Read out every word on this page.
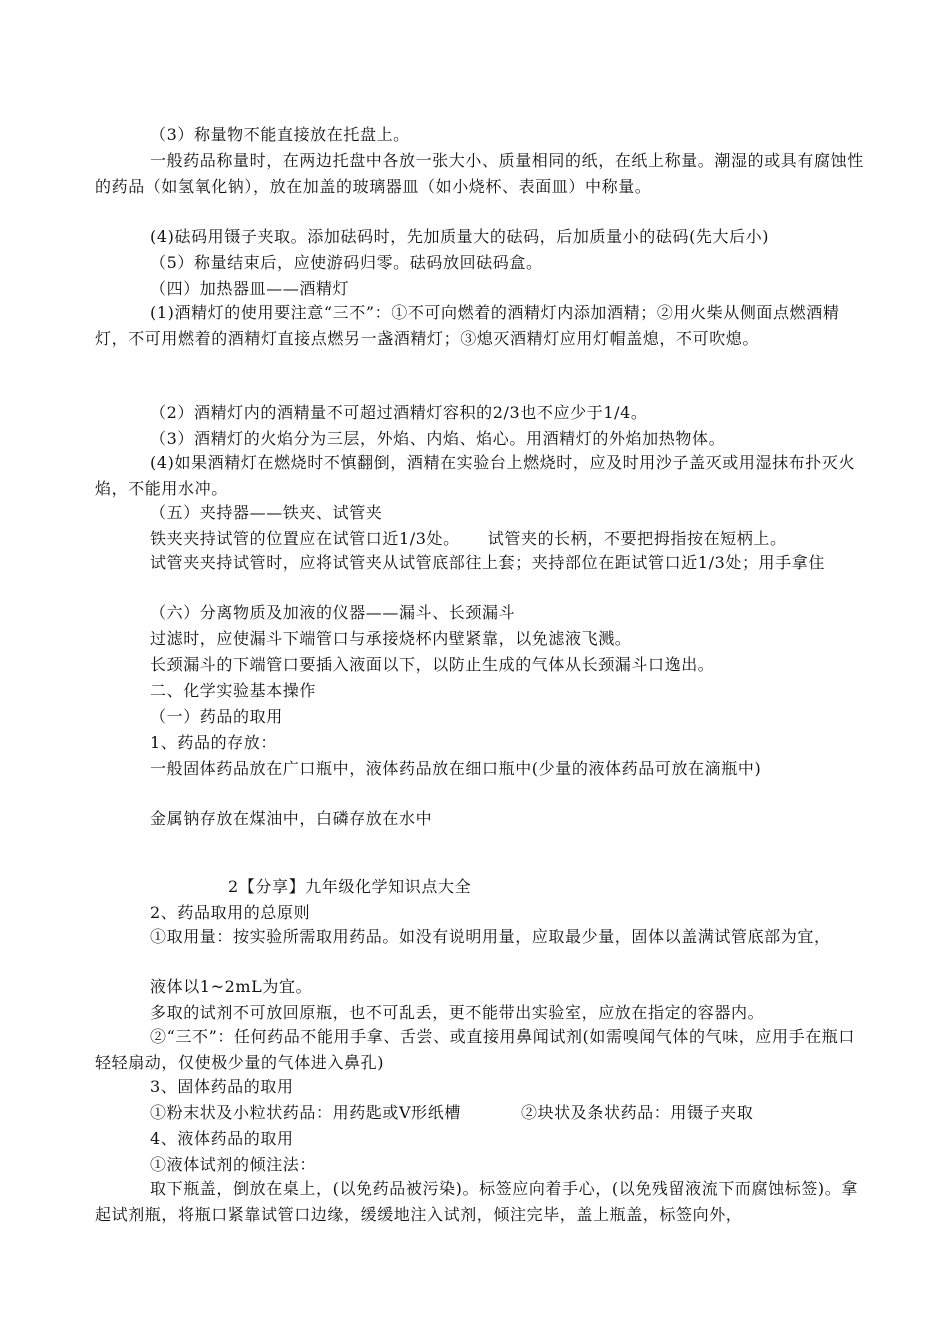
（3）称量物不能直接放在托盘上。
一般药品称量时，在两边托盘中各放一张大小、质量相同的纸，在纸上称量。潮湿的或具有腐蚀性的药品（如氢氧化钠），放在加盖的玻璃器皿（如小烧杯、表面皿）中称量。
(4)砝码用镊子夹取。添加砝码时，先加质量大的砝码，后加质量小的砝码(先大后小)
（5）称量结束后，应使游码归零。砝码放回砝码盒。
（四）加热器皿——酒精灯
(1)酒精灯的使用要注意“三不”：①不可向燃着的酒精灯内添加酒精；②用火柴从侧面点燃酒精灯，不可用燃着的酒精灯直接点燃另一盏酒精灯；③熄灭酒精灯应用灯帽盖熄，不可吹熄。
（2）酒精灯内的酒精量不可超过酒精灯容积的2/3也不应少于1/4。
（3）酒精灯的火焰分为三层，外焰、内焰、焰心。用酒精灯的外焰加热物体。
(4)如果酒精灯在燃烧时不慎翻倒，酒精在实验台上燃烧时，应及时用沙子盖灭或用湿抹布扑灭火焰，不能用水冲。
（五）夹持器——铁夹、试管夹
铁夹夹持试管的位置应在试管口近1/3处。 试管夹的长柄，不要把拇指按在短柄上。
试管夹夹持试管时，应将试管夹从试管底部往上套；夹持部位在距试管口近1/3处；用手拿住
（六）分离物质及加液的仪器——漏斗、长颈漏斗
过滤时，应使漏斗下端管口与承接烧杯内壁紧靠，以免滤液飞溅。
长颈漏斗的下端管口要插入液面以下，以防止生成的气体从长颈漏斗口逸出。
二、化学实验基本操作
（一）药品的取用
1、药品的存放：
一般固体药品放在广口瓶中，液体药品放在细口瓶中(少量的液体药品可放在滴瓶中)
金属钠存放在煤油中，白磷存放在水中
2【分享】九年级化学知识点大全
2、药品取用的总原则
①取用量：按实验所需取用药品。如没有说明用量，应取最少量，固体以盖满试管底部为宜，
液体以1~2mL为宜。
多取的试剂不可放回原瓶，也不可乱丢，更不能带出实验室，应放在指定的容器内。
②“三不”：任何药品不能用手拿、舌尝、或直接用鼻闻试剂(如需嗅闻气体的气味，应用手在瓶口轻轻扇动，仅使极少量的气体进入鼻孔)
3、固体药品的取用
①粉末状及小粒状药品：用药匙或V形纸槽	②块状及条状药品：用镊子夹取
4、液体药品的取用
①液体试剂的倾注法：
取下瓶盖，倒放在桌上，(以免药品被污染)。标签应向着手心，(以免残留液流下而腐蚀标签)。拿起试剂瓶，将瓶口紧靠试管口边缘，缓缓地注入试剂，倾注完毕，盖上瓶盖，标签向外，
